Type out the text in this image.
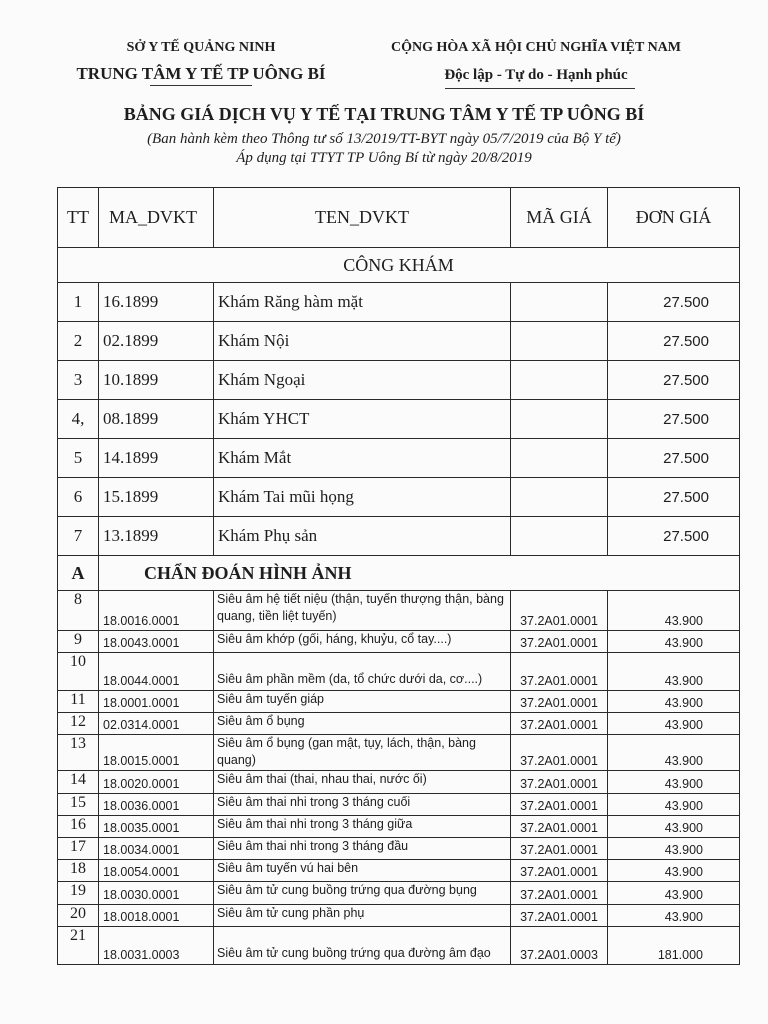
SỞ Y TẾ QUẢNG NINH
TRUNG TÂM Y TẾ TP UÔNG BÍ
CỘNG HÒA XÃ HỘI CHỦ NGHĨA VIỆT NAM
Độc lập - Tự do - Hạnh phúc
BẢNG GIÁ DỊCH VỤ Y TẾ TẠI TRUNG TÂM Y TẾ TP UÔNG BÍ
(Ban hành kèm theo Thông tư số 13/2019/TT-BYT ngày 05/7/2019 của Bộ Y tế)
Áp dụng tại TTYT TP Uông Bí từ ngày 20/8/2019
TT	MA_DVKT	TEN_DVKT	MÃ GIÁ	ĐƠN GIÁ
CÔNG KHÁM				
1	16.1899	Khám Răng hàm mặt		27.500
2	02.1899	Khám Nội		27.500
3	10.1899	Khám Ngoại		27.500
4,	08.1899	Khám YHCT		27.500
5	14.1899	Khám Mắt		27.500
6	15.1899	Khám Tai mũi họng		27.500
7	13.1899	Khám Phụ sản		27.500
A	CHẨN ĐOÁN HÌNH ẢNH			
8	18.0016.0001	Siêu âm hệ tiết niệu (thận, tuyến thượng thận, bàng quang, tiền liệt tuyến)	37.2A01.0001	43.900
9	18.0043.0001	Siêu âm khớp (gối, háng, khuỷu, cổ tay....)	37.2A01.0001	43.900
10	18.0044.0001	Siêu âm phần mềm (da, tổ chức dưới da, cơ....)	37.2A01.0001	43.900
11	18.0001.0001	Siêu âm tuyến giáp	37.2A01.0001	43.900
12	02.0314.0001	Siêu âm ổ bụng	37.2A01.0001	43.900
13	18.0015.0001	Siêu âm ổ bụng (gan mật, tụy, lách, thận, bàng quang)	37.2A01.0001	43.900
14	18.0020.0001	Siêu âm thai (thai, nhau thai, nước ối)	37.2A01.0001	43.900
15	18.0036.0001	Siêu âm thai nhi trong 3 tháng cuối	37.2A01.0001	43.900
16	18.0035.0001	Siêu âm thai nhi trong 3 tháng giữa	37.2A01.0001	43.900
17	18.0034.0001	Siêu âm thai nhi trong 3 tháng đầu	37.2A01.0001	43.900
18	18.0054.0001	Siêu âm tuyến vú hai bên	37.2A01.0001	43.900
19	18.0030.0001	Siêu âm tử cung buồng trứng qua đường bụng	37.2A01.0001	43.900
20	18.0018.0001	Siêu âm tử cung phần phụ	37.2A01.0001	43.900
21	18.0031.0003	Siêu âm tử cung buồng trứng qua đường âm đạo	37.2A01.0003	181.000
